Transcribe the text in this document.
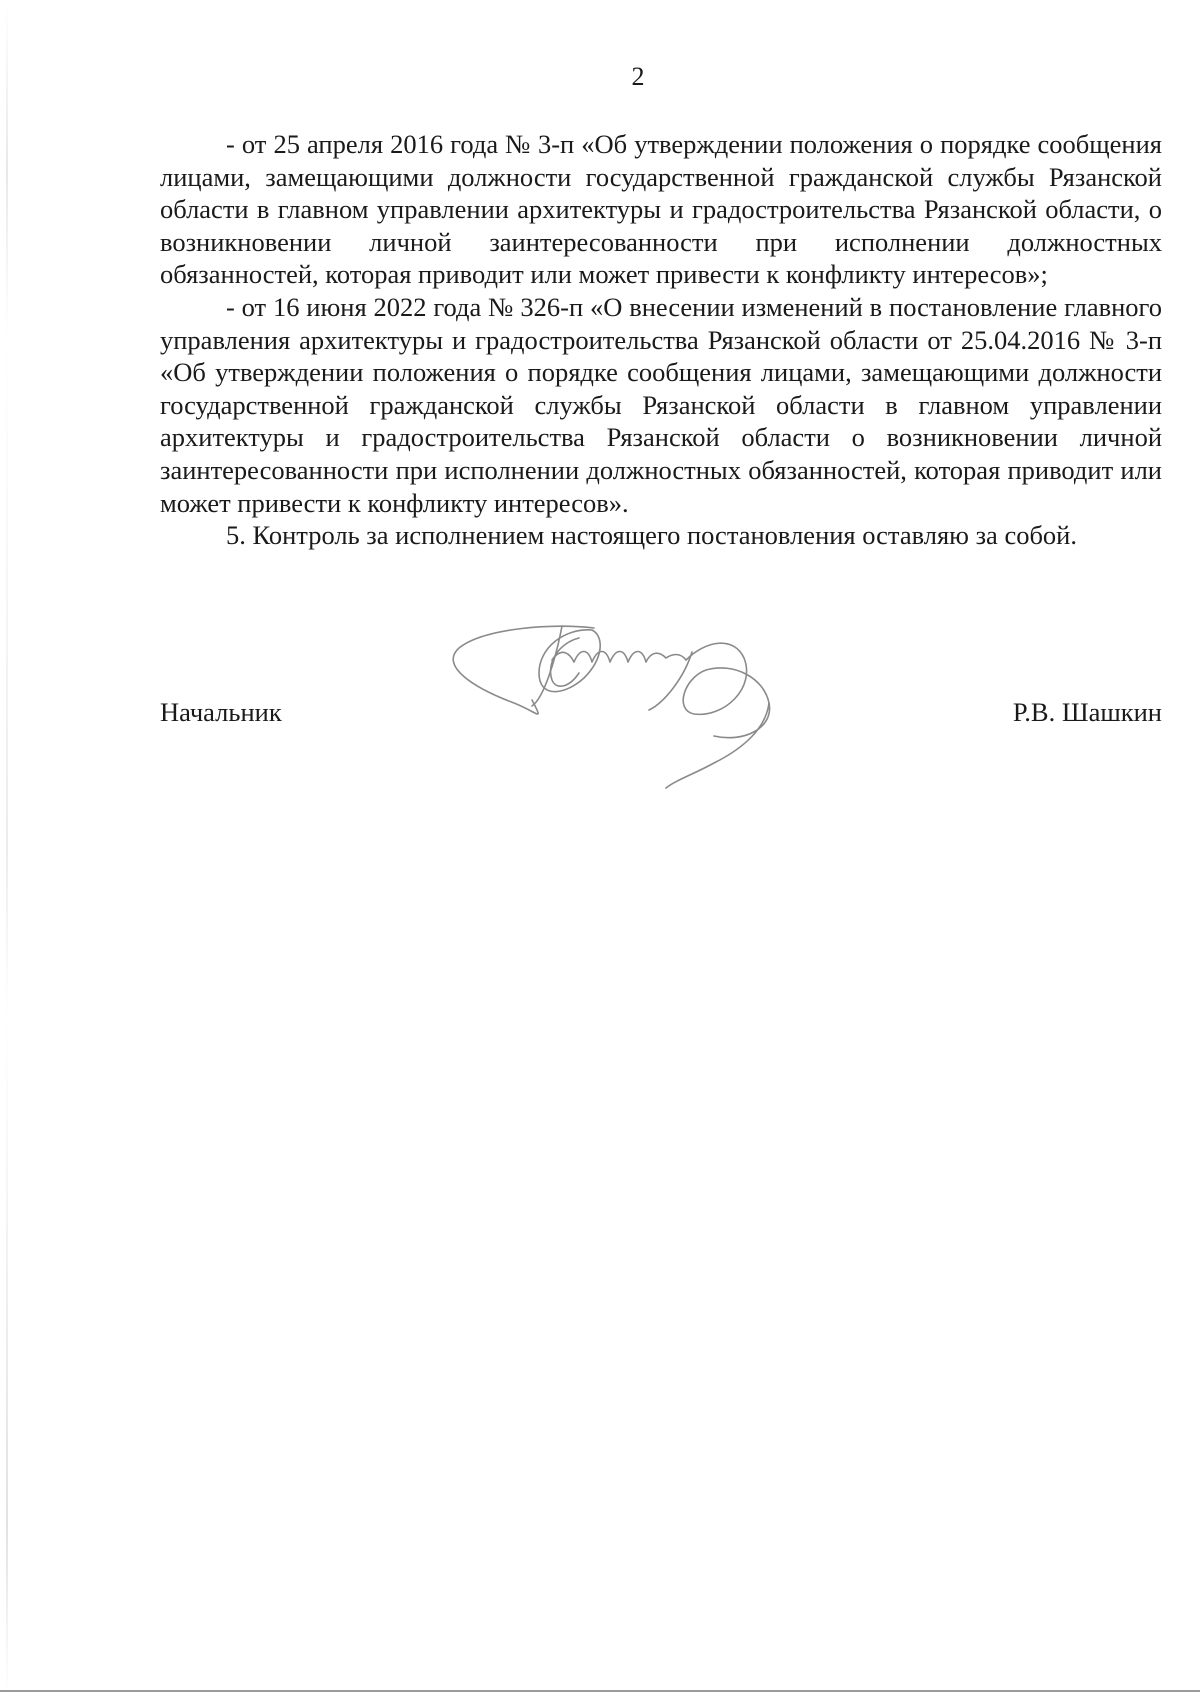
2

- от 25 апреля 2016 года № 3-п «Об утверждении положения о порядке сообщения лицами, замещающими должности государственной гражданской службы Рязанской области в главном управлении архитектуры и градостроительства Рязанской области, о возникновении личной заинтересованности при исполнении должностных обязанностей, которая приводит или может привести к конфликту интересов»;

- от 16 июня 2022 года № 326-п «О внесении изменений в постановление главного управления архитектуры и градостроительства Рязанской области от 25.04.2016 № 3-п «Об утверждении положения о порядке сообщения лицами, замещающими должности государственной гражданской службы Рязанской области в главном управлении архитектуры и градостроительства Рязанской области о возникновении личной заинтересованности при исполнении должностных обязанностей, которая приводит или может привести к конфликту интересов».

5. Контроль за исполнением настоящего постановления оставляю за собой.

Начальник	Р.В. Шашкин
